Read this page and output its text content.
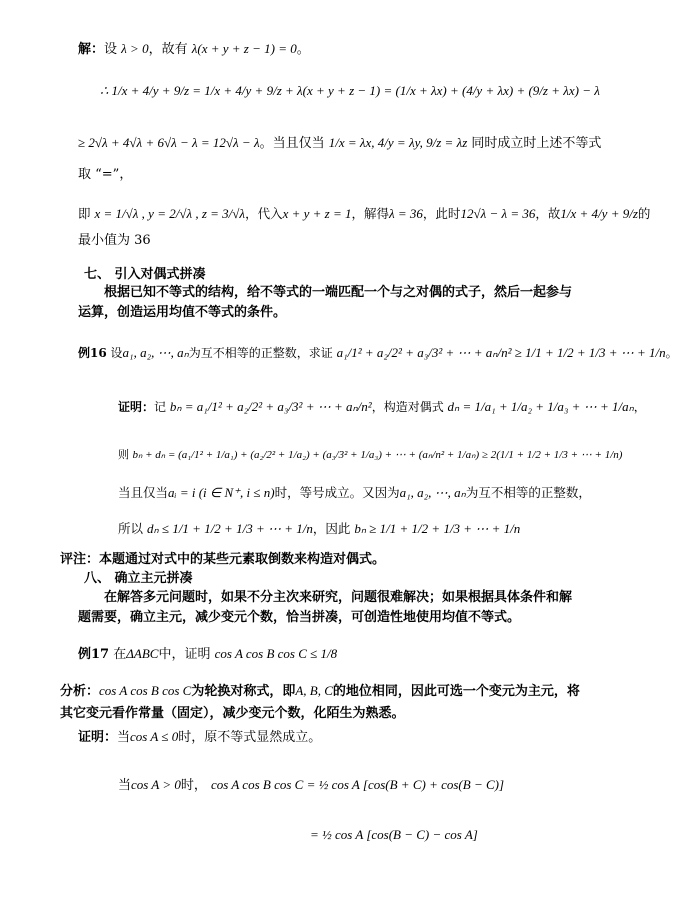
解：设 λ > 0，故有 λ(x + y + z − 1) = 0。
∴ 1/x + 4/y + 9/z = 1/x + 4/y + 9/z + λ(x + y + z − 1) = (1/x + λx) + (4/y + λx) + (9/z + λx) − λ
≥ 2√λ + 4√λ + 6√λ − λ = 12√λ − λ。当且仅当 1/x = λx, 4/y = λy, 9/z = λz 同时成立时上述不等式
取 “=”，
即 x = 1/√λ , y = 2/√λ , z = 3/√λ，代入x + y + z = 1，解得λ = 36，此时12√λ − λ = 36，故1/x + 4/y + 9/z的
最小值为 36
七、 引入对偶式拼凑
根据已知不等式的结构，给不等式的一端匹配一个与之对偶的式子，然后一起参与运算，创造运用均值不等式的条件。
例16 设a₁, a₂, ⋯, aₙ为互不相等的正整数，求证 a₁/1² + a₂/2² + a₃/3² + ⋯ + aₙ/n² ≥ 1/1 + 1/2 + 1/3 + ⋯ + 1/n。
证明：记 bₙ = a₁/1² + a₂/2² + a₃/3² + ⋯ + aₙ/n²，构造对偶式 dₙ = 1/a₁ + 1/a₂ + 1/a₃ + ⋯ + 1/aₙ，
则 bₙ + dₙ = (a₁/1² + 1/a₁) + (a₂/2² + 1/a₂) + (a₃/3² + 1/a₃) + ⋯ + (aₙ/n² + 1/aₙ) ≥ 2(1/1 + 1/2 + 1/3 + ⋯ + 1/n)
当且仅当aᵢ = i (i ∈ N⁺, i ≤ n)时，等号成立。又因为a₁, a₂, ⋯, aₙ为互不相等的正整数，
所以 dₙ ≤ 1/1 + 1/2 + 1/3 + ⋯ + 1/n，因此 bₙ ≥ 1/1 + 1/2 + 1/3 + ⋯ + 1/n
评注：本题通过对式中的某些元素取倒数来构造对偶式。
八、 确立主元拼凑
在解答多元问题时，如果不分主次来研究，问题很难解决；如果根据具体条件和解题需要，确立主元，减少变元个数，恰当拼凑，可创造性地使用均值不等式。
例17 在ΔABC中，证明 cos A cos B cos C ≤ 1/8
分析：cos A cos B cos C为轮换对称式，即A, B, C的地位相同，因此可选一个变元为主元，将其它变元看作常量（固定），减少变元个数，化陌生为熟悉。
证明：当cos A ≤ 0时，原不等式显然成立。
当cos A > 0时， cos A cos B cos C = ½ cos A [cos(B + C) + cos(B − C)]
= ½ cos A [cos(B − C) − cos A]
